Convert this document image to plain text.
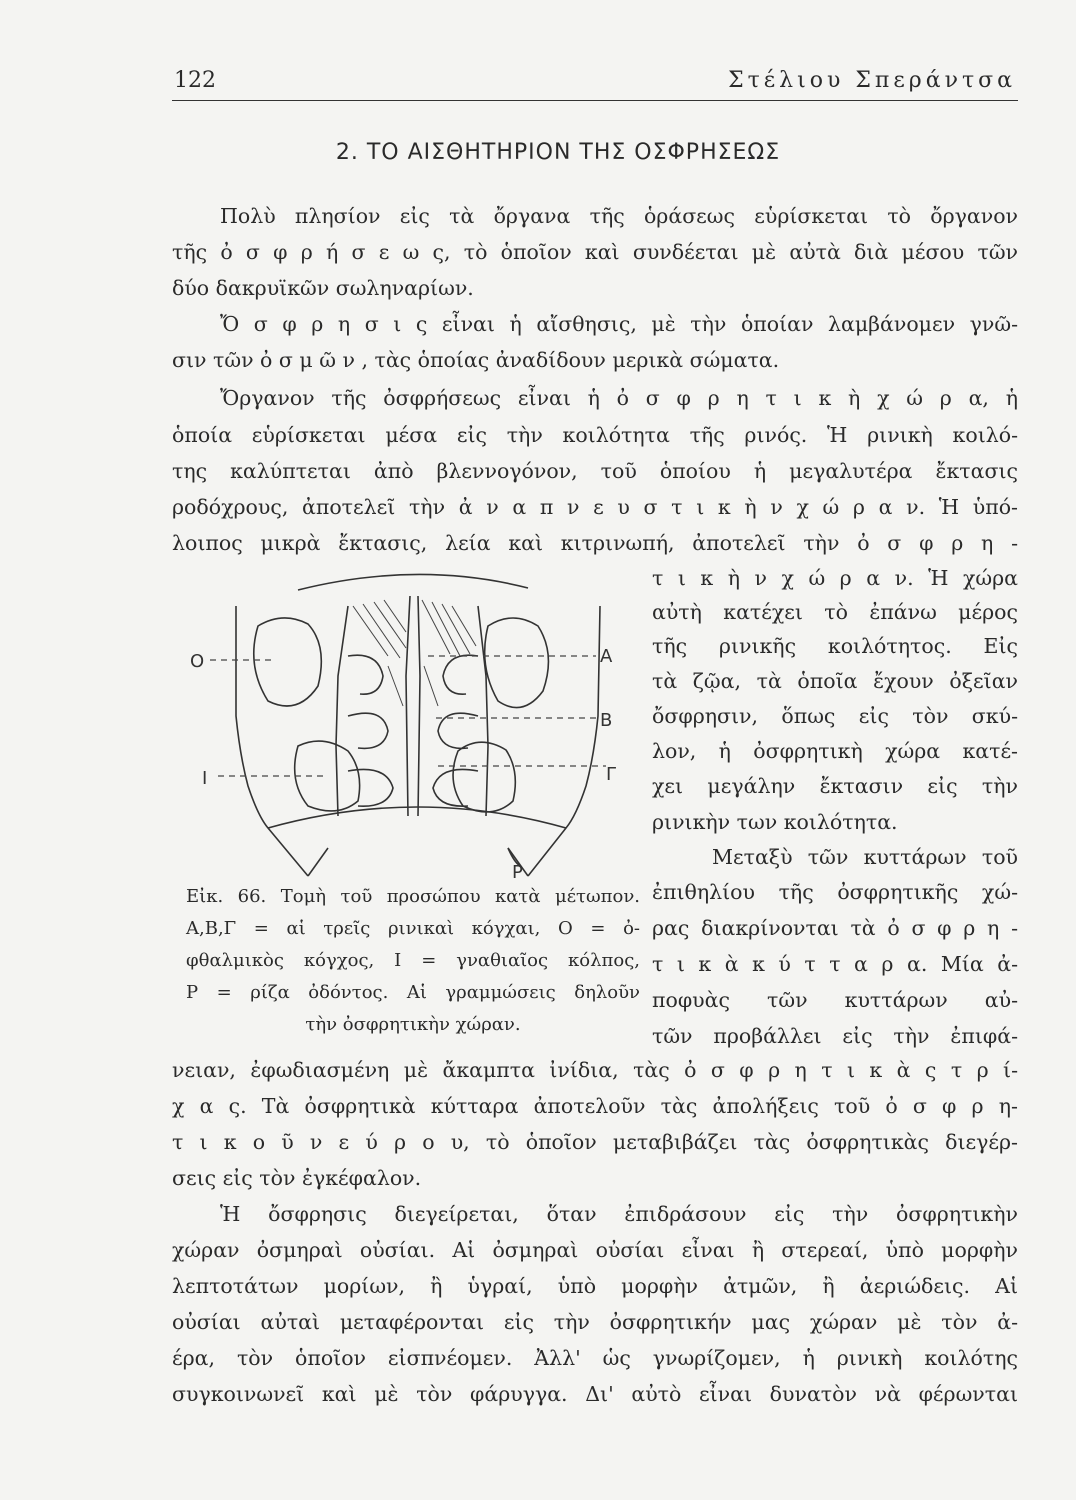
122	Στέλιου Σπεράντσα
2. ΤΟ ΑΙΣΘΗΤΗΡΙΟΝ ΤΗΣ ΟΣΦΡΗΣΕΩΣ
Πολὺ πλησίον εἰς τὰ ὄργανα τῆς ὁράσεως εὑρίσκεται τὸ ὄργανον
τῆς ὀ σ φ ρ ή σ ε ω ς, τὸ ὁποῖον καὶ συνδέεται μὲ αὐτὰ διὰ μέσου τῶν
δύο δακρυϊκῶν σωληναρίων.
Ὄ σ φ ρ η σ ι ς εἶναι ἡ αἴσθησις, μὲ τὴν ὁποίαν λαμβάνομεν γνῶ-
σιν τῶν ὀ σ μ ῶ ν , τὰς ὁποίας ἀναδίδουν μερικὰ σώματα.
Ὄργανον τῆς ὀσφρήσεως εἶναι ἡ ὀ σ φ ρ η τ ι κ ὴ χ ώ ρ α, ἡ
ὁποία εὑρίσκεται μέσα εἰς τὴν κοιλότητα τῆς ρινός. Ἡ ρινικὴ κοιλό-
της καλύπτεται ἀπὸ βλεννογόνον, τοῦ ὁποίου ἡ μεγαλυτέρα ἔκτασις
ροδόχρους, ἀποτελεῖ τὴν ἀ ν α π ν ε υ σ τ ι κ ὴ ν χ ώ ρ α ν. Ἡ ὑπό-
λοιπος μικρὰ ἔκτασις, λεία καὶ κιτρινωπή, ἀποτελεῖ τὴν ὀ σ φ ρ η -
τ ι κ ὴ ν χ ώ ρ α ν. Ἡ χώρα
αὐτὴ κατέχει τὸ ἐπάνω μέρος
τῆς ρινικῆς κοιλότητος. Εἰς
τὰ ζῷα, τὰ ὁποῖα ἔχουν ὀξεῖαν
ὄσφρησιν, ὅπως εἰς τὸν σκύ-
λον, ἡ ὀσφρητικὴ χώρα κατέ-
χει μεγάλην ἔκτασιν εἰς τὴν
ρινικὴν των κοιλότητα.
Μεταξὺ τῶν κυττάρων τοῦ
ἐπιθηλίου τῆς ὀσφρητικῆς χώ-
ρας διακρίνονται τὰ ὀ σ φ ρ η -
τ ι κ ὰ κ ύ τ τ α ρ α. Μία ἀ-
ποφυὰς τῶν κυττάρων αὐ-
τῶν προβάλλει εἰς τὴν ἐπιφά-
O	A
B
I	Γ
P
Εἰκ. 66. Τομὴ τοῦ προσώπου κατὰ μέτωπον.
Α,Β,Γ = αἱ τρεῖς ρινικαὶ κόγχαι, Ο = ὀ-
φθαλμικὸς κόγχος, Ι = γναθιαῖος κόλπος,
Ρ = ρίζα ὀδόντος. Αἱ γραμμώσεις δηλοῦν
τὴν ὀσφρητικὴν χώραν.
νειαν, ἐφωδιασμένη μὲ ἄκαμπτα ἰνίδια, τὰς ὀ σ φ ρ η τ ι κ ὰ ς τ ρ ί-
χ α ς. Τὰ ὀσφρητικὰ κύτταρα ἀποτελοῦν τὰς ἀπολήξεις τοῦ ὀ σ φ ρ η-
τ ι κ ο ῦ ν ε ύ ρ ο υ, τὸ ὁποῖον μεταβιβάζει τὰς ὀσφρητικὰς διεγέρ-
σεις εἰς τὸν ἐγκέφαλον.
Ἡ ὄσφρησις διεγείρεται, ὅταν ἐπιδράσουν εἰς τὴν ὀσφρητικὴν
χώραν ὀσμηραὶ οὐσίαι. Αἱ ὀσμηραὶ οὐσίαι εἶναι ἢ στερεαί, ὑπὸ μορφὴν
λεπτοτάτων μορίων, ἢ ὑγραί, ὑπὸ μορφὴν ἀτμῶν, ἢ ἀεριώδεις. Αἱ
οὐσίαι αὐταὶ μεταφέρονται εἰς τὴν ὀσφρητικήν μας χώραν μὲ τὸν ἀ-
έρα, τὸν ὁποῖον εἰσπνέομεν. Ἀλλ' ὡς γνωρίζομεν, ἡ ρινικὴ κοιλότης
συγκοινωνεῖ καὶ μὲ τὸν φάρυγγα. Δι' αὐτὸ εἶναι δυνατὸν νὰ φέρωνται
